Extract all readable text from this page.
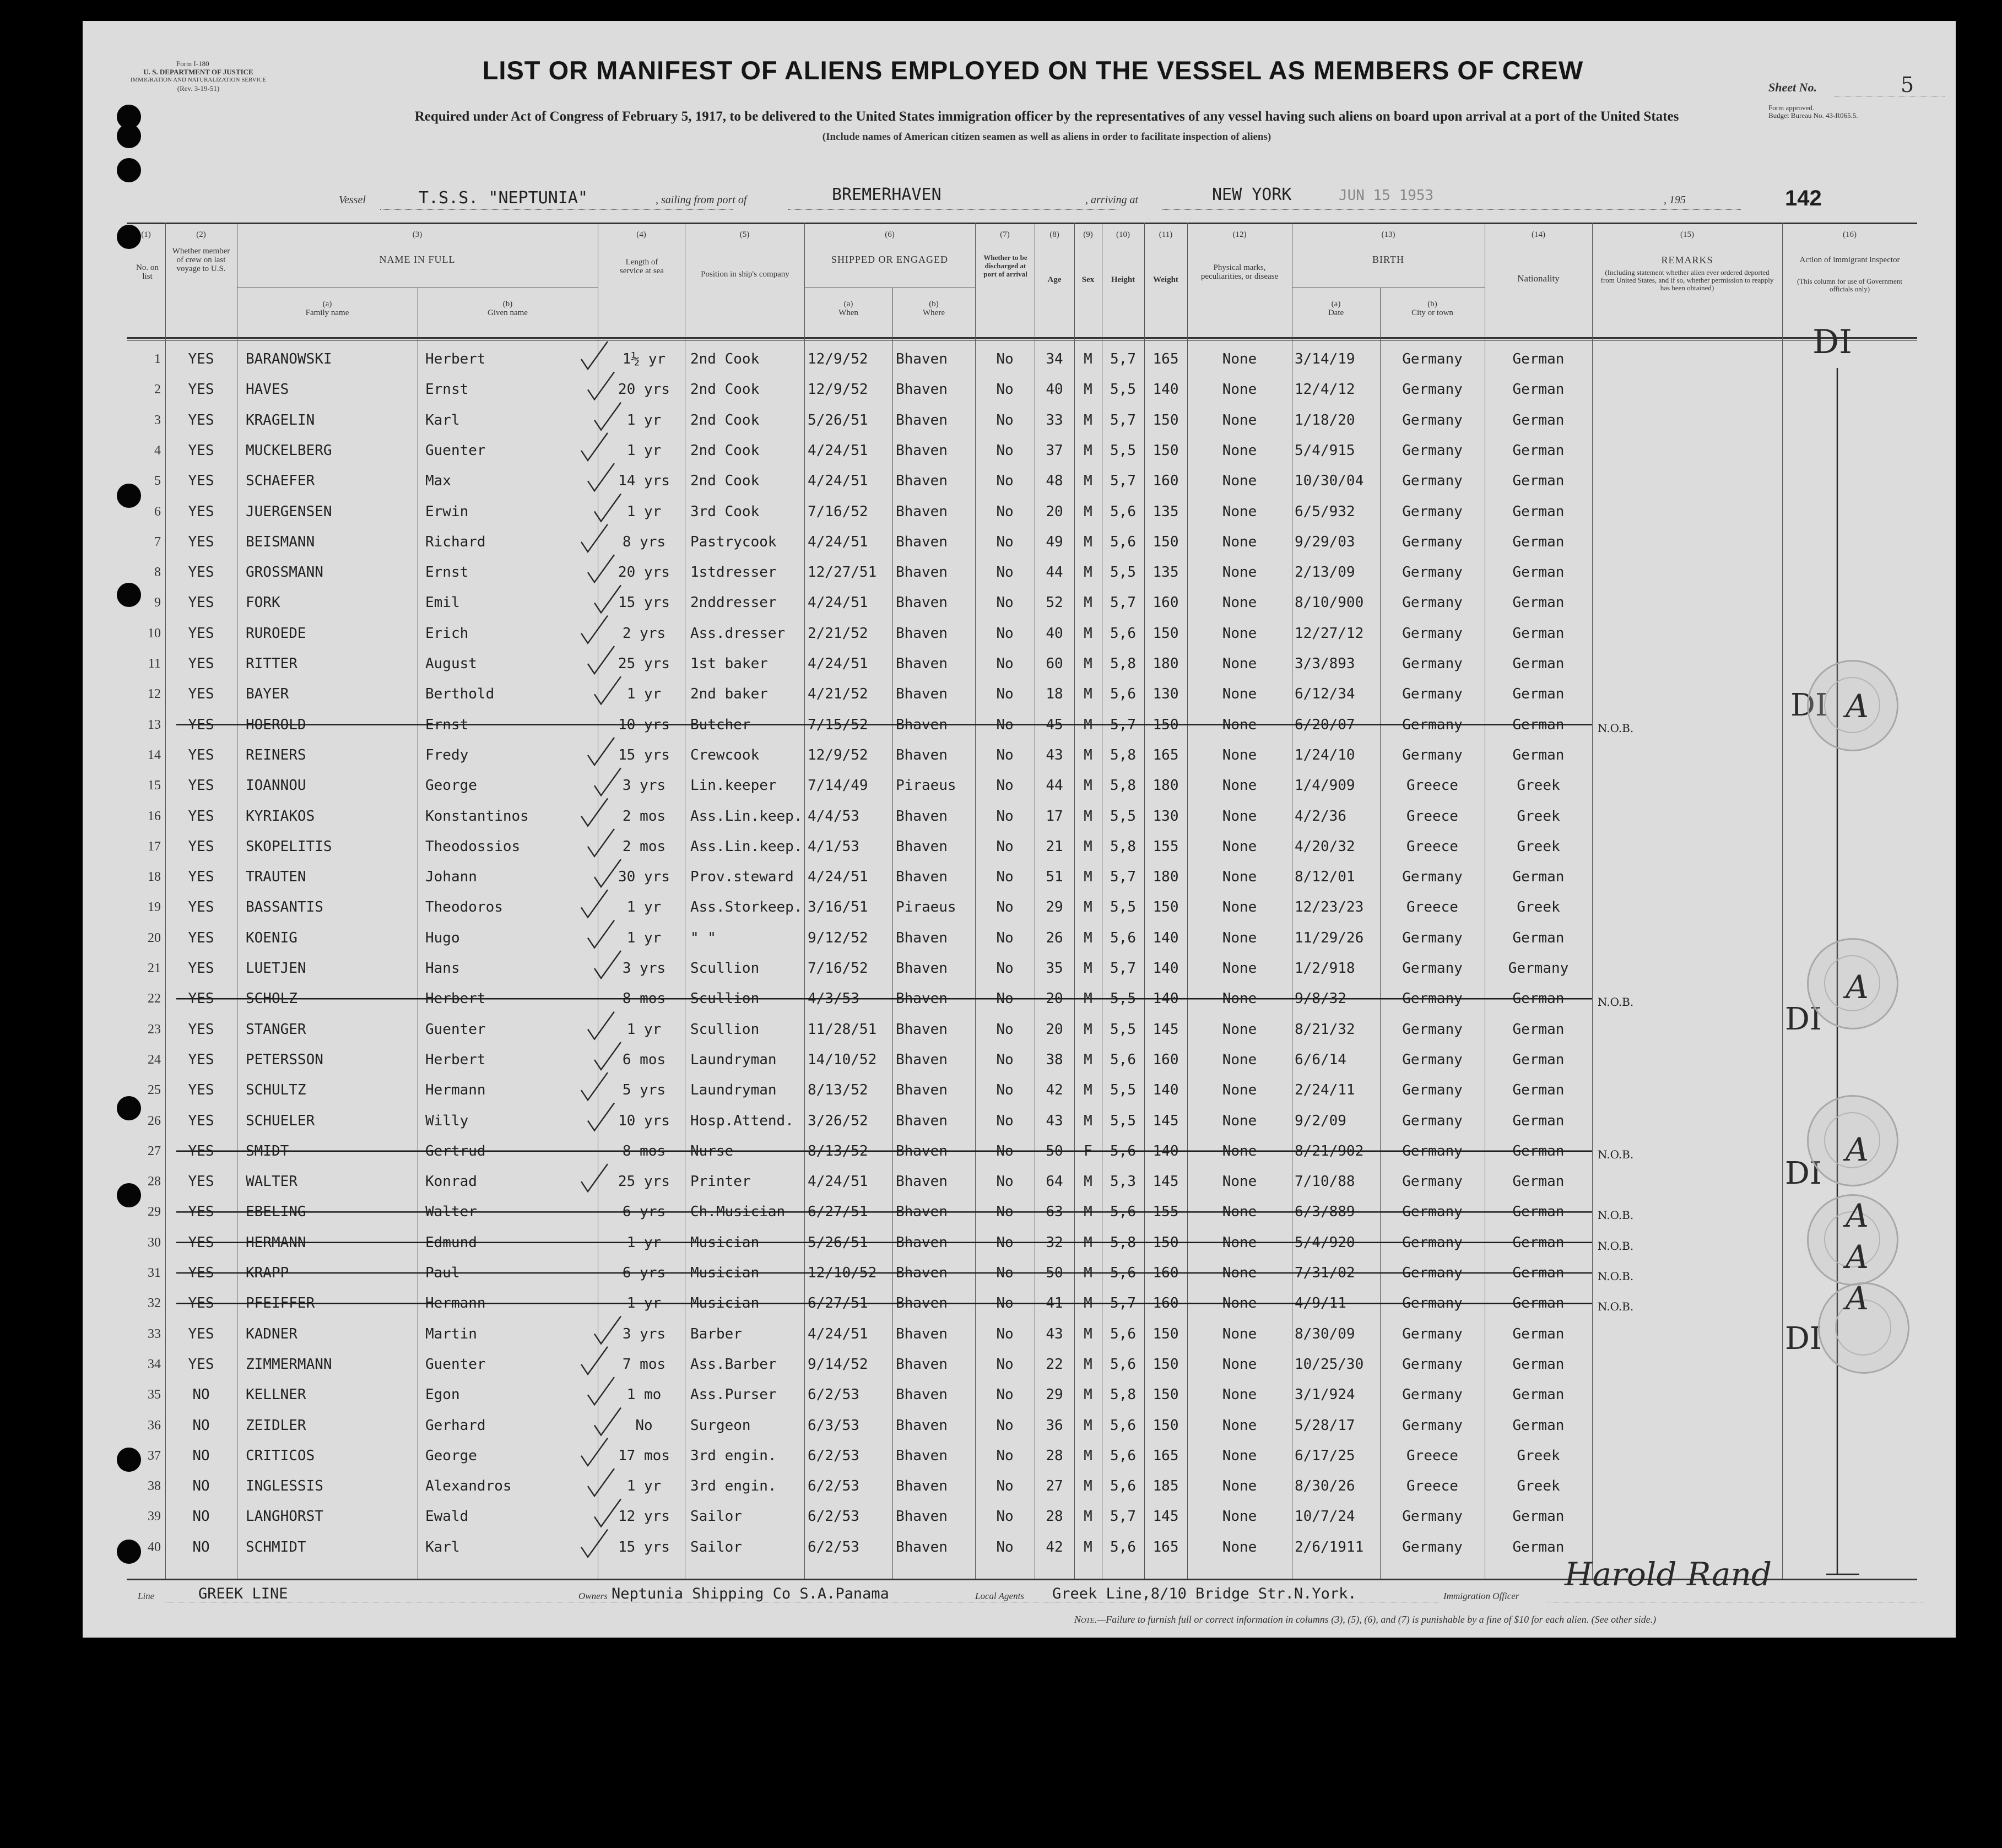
Form I-180
U. S. DEPARTMENT OF JUSTICE
IMMIGRATION AND NATURALIZATION SERVICE
(Rev. 3-19-51)	Sheet No.	5
Form approved.
Budget Bureau No. 43-R065.5.
LIST OR MANIFEST OF ALIENS EMPLOYED ON THE VESSEL AS MEMBERS OF CREW
Required under Act of Congress of February 5, 1917, to be delivered to the United States immigration officer by the representatives of any vessel having such aliens on board upon arrival at a port of the United States
(Include names of American citizen seamen as well as aliens in order to facilitate inspection of aliens)
Vessel	T.S.S. "NEPTUNIA"	, sailing from port of	BREMERHAVEN	, arriving at	NEW YORK	JUN 15 1953	, 195	142
(1)
No. on list
(2)
Whether member of crew on last voyage to U.S.
(3)
NAME IN FULL
(a)
Family name
(b)
Given name
(4)
Length of service at sea
(5)
Position in ship's company
(6)
SHIPPED OR ENGAGED
(a)
When
(b)
Where
(7)
Whether to be discharged at port of arrival
(8)
Age
(9)
Sex
(10)
Height
(11)
Weight
(12)
Physical marks, peculiarities, or disease
(13)
BIRTH
(a)
Date
(b)
City or town
(14)
Nationality
(15)
REMARKS
(Including statement whether alien ever ordered deported from United States, and if so, whether permission to reapply has been obtained)
(16)
Action of immigrant inspector
(This column for use of Government officials only)
1	YES	BARANOWSKI	Herbert	1½ yr	2nd Cook	12/9/52	Bhaven	No	34	M	5,7	165	None	3/14/19	Germany	German
2	YES	HAVES	Ernst	20 yrs	2nd Cook	12/9/52	Bhaven	No	40	M	5,5	140	None	12/4/12	Germany	German
3	YES	KRAGELIN	Karl	1 yr	2nd Cook	5/26/51	Bhaven	No	33	M	5,7	150	None	1/18/20	Germany	German
4	YES	MUCKELBERG	Guenter	1 yr	2nd Cook	4/24/51	Bhaven	No	37	M	5,5	150	None	5/4/915	Germany	German
5	YES	SCHAEFER	Max	14 yrs	2nd Cook	4/24/51	Bhaven	No	48	M	5,7	160	None	10/30/04	Germany	German
6	YES	JUERGENSEN	Erwin	1 yr	3rd Cook	7/16/52	Bhaven	No	20	M	5,6	135	None	6/5/932	Germany	German
7	YES	BEISMANN	Richard	8 yrs	Pastrycook	4/24/51	Bhaven	No	49	M	5,6	150	None	9/29/03	Germany	German
8	YES	GROSSMANN	Ernst	20 yrs	1stdresser	12/27/51	Bhaven	No	44	M	5,5	135	None	2/13/09	Germany	German
9	YES	FORK	Emil	15 yrs	2nddresser	4/24/51	Bhaven	No	52	M	5,7	160	None	8/10/900	Germany	German
10	YES	RUROEDE	Erich	2 yrs	Ass.dresser	2/21/52	Bhaven	No	40	M	5,6	150	None	12/27/12	Germany	German
11	YES	RITTER	August	25 yrs	1st baker	4/24/51	Bhaven	No	60	M	5,8	180	None	3/3/893	Germany	German
12	YES	BAYER	Berthold	1 yr	2nd baker	4/21/52	Bhaven	No	18	M	5,6	130	None	6/12/34	Germany	German
13	YES	HOEROLD	Ernst	10 yrs	Butcher	7/15/52	Bhaven	No	45	M	5,7	150	None	6/20/07	Germany	German	N.O.B.
14	YES	REINERS	Fredy	15 yrs	Crewcook	12/9/52	Bhaven	No	43	M	5,8	165	None	1/24/10	Germany	German
15	YES	IOANNOU	George	3 yrs	Lin.keeper	7/14/49	Piraeus	No	44	M	5,8	180	None	1/4/909	Greece	Greek
16	YES	KYRIAKOS	Konstantinos	2 mos	Ass.Lin.keep. 4/4/53	Bhaven	No	17	M	5,5	130	None	4/2/36	Greece	Greek
17	YES	SKOPELITIS	Theodossios	2 mos	Ass.Lin.keep. 4/1/53	Bhaven	No	21	M	5,8	155	None	4/20/32	Greece	Greek
18	YES	TRAUTEN	Johann	30 yrs	Prov.steward 4/24/51	Bhaven	No	51	M	5,7	180	None	8/12/01	Germany	German
19	YES	BASSANTIS	Theodoros	1 yr	Ass.Storkeep. 3/16/51	Piraeus	No	29	M	5,5	150	None	12/23/23	Greece	Greek
20	YES	KOENIG	Hugo	1 yr	" "	9/12/52	Bhaven	No	26	M	5,6	140	None	11/29/26	Germany	German
21	YES	LUETJEN	Hans	3 yrs	Scullion	7/16/52	Bhaven	No	35	M	5,7	140	None	1/2/918	Germany	Germany
22	YES	SCHOLZ	Herbert	8 mos	Scullion	4/3/53	Bhaven	No	20	M	5,5	140	None	9/8/32	Germany	German	N.O.B.
23	YES	STANGER	Guenter	1 yr	Scullion	11/28/51	Bhaven	No	20	M	5,5	145	None	8/21/32	Germany	German
24	YES	PETERSSON	Herbert	6 mos	Laundryman	14/10/52	Bhaven	No	38	M	5,6	160	None	6/6/14	Germany	German
25	YES	SCHULTZ	Hermann	5 yrs	Laundryman	8/13/52	Bhaven	No	42	M	5,5	140	None	2/24/11	Germany	German
26	YES	SCHUELER	Willy	10 yrs	Hosp.Attend. 3/26/52	Bhaven	No	43	M	5,5	145	None	9/2/09	Germany	German
27	YES	SMIDT	Gertrud	8 mos	Nurse	8/13/52	Bhaven	No	50	F	5,6	140	None	8/21/902	Germany	German	N.O.B.
28	YES	WALTER	Konrad	25 yrs	Printer	4/24/51	Bhaven	No	64	M	5,3	145	None	7/10/88	Germany	German
29	YES	EBELING	Walter	6 yrs	Ch.Musician	6/27/51	Bhaven	No	63	M	5,6	155	None	6/3/889	Germany	German	N.O.B.
30	YES	HERMANN	Edmund	1 yr	Musician	5/26/51	Bhaven	No	32	M	5,8	150	None	5/4/920	Germany	German	N.O.B.
31	YES	KRAPP	Paul	6 yrs	Musician	12/10/52	Bhaven	No	50	M	5,6	160	None	7/31/02	Germany	German	N.O.B.
32	YES	PFEIFFER	Hermann	1 yr	Musician	6/27/51	Bhaven	No	41	M	5,7	160	None	4/9/11	Germany	German	N.O.B.
33	YES	KADNER	Martin	3 yrs	Barber	4/24/51	Bhaven	No	43	M	5,6	150	None	8/30/09	Germany	German
34	YES	ZIMMERMANN	Guenter	7 mos	Ass.Barber	9/14/52	Bhaven	No	22	M	5,6	150	None	10/25/30	Germany	German
35	NO	KELLNER	Egon	1 mo	Ass.Purser	6/2/53	Bhaven	No	29	M	5,8	150	None	3/1/924	Germany	German
36	NO	ZEIDLER	Gerhard	No	Surgeon	6/3/53	Bhaven	No	36	M	5,6	150	None	5/28/17	Germany	German
37	NO	CRITICOS	George	17 mos	3rd engin.	6/2/53	Bhaven	No	28	M	5,6	165	None	6/17/25	Greece	Greek
38	NO	INGLESSIS	Alexandros	1 yr	3rd engin.	6/2/53	Bhaven	No	27	M	5,6	185	None	8/30/26	Greece	Greek
39	NO	LANGHORST	Ewald	12 yrs	Sailor	6/2/53	Bhaven	No	28	M	5,7	145	None	10/7/24	Germany	German
40	NO	SCHMIDT	Karl	15 yrs	Sailor	6/2/53	Bhaven	No	42	M	5,6	165	None	2/6/1911	Germany	German
DI
DI
DI
DI
DI
A
A
A
A
A
A
Line	GREEK LINE	Owners Neptunia Shipping Co S.A.Panama	Local Agents Greek Line,8/10 Bridge Str.N.York.	Immigration Officer
Harold Rand
Note.—Failure to furnish full or correct information in columns (3), (5), (6), and (7) is punishable by a fine of $10 for each alien. (See other side.)
